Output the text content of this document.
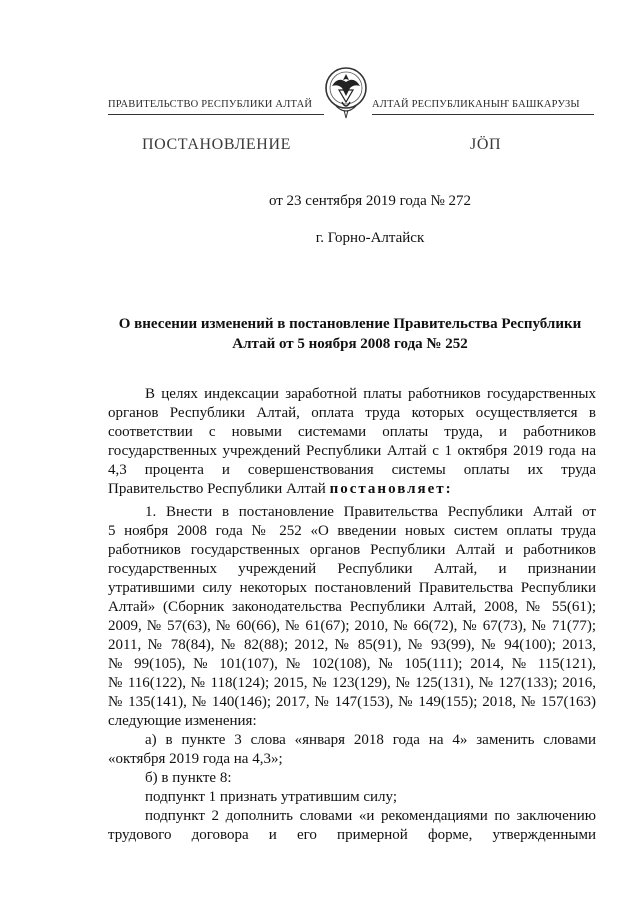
ПРАВИТЕЛЬСТВО РЕСПУБЛИКИ АЛТАЙ	АЛТАЙ РЕСПУБЛИКАНЫҤ БАШКАРУЗЫ
ПОСТАНОВЛЕНИЕ	JӦП
от 23 сентября 2019 года № 272
г. Горно-Алтайск
О внесении изменений в постановление Правительства Республики
Алтай от 5 ноября 2008 года № 252

В целях индексации заработной платы работников государственных

органов Республики Алтай, оплата труда которых осуществляется в

соответствии с новыми системами оплаты труда, и работников

государственных учреждений Республики Алтай с 1 октября 2019 года на

4,3 процента и совершенствования системы оплаты их труда

Правительство Республики Алтай постановляет:

1. Внести в постановление Правительства Республики Алтай от

5 ноября 2008 года № 252 «О введении новых систем оплаты труда

работников государственных органов Республики Алтай и работников

государственных учреждений Республики Алтай, и признании

утратившими силу некоторых постановлений Правительства Республики

Алтай» (Сборник законодательства Республики Алтай, 2008, № 55(61);

2009, № 57(63), № 60(66), № 61(67); 2010, № 66(72), № 67(73), № 71(77);

2011, № 78(84), № 82(88); 2012, № 85(91), № 93(99), № 94(100); 2013,

№ 99(105), № 101(107), № 102(108), № 105(111); 2014, № 115(121),

№ 116(122), № 118(124); 2015, № 123(129), № 125(131), № 127(133); 2016,

№ 135(141), № 140(146); 2017, № 147(153), № 149(155); 2018, № 157(163)

следующие изменения:

а) в пункте 3 слова «января 2018 года на 4» заменить словами

«октября 2019 года на 4,3»;

б) в пункте 8:

подпункт 1 признать утратившим силу;

подпункт 2 дополнить словами «и рекомендациями по заключению

трудового договора и его примерной форме, утвержденными
